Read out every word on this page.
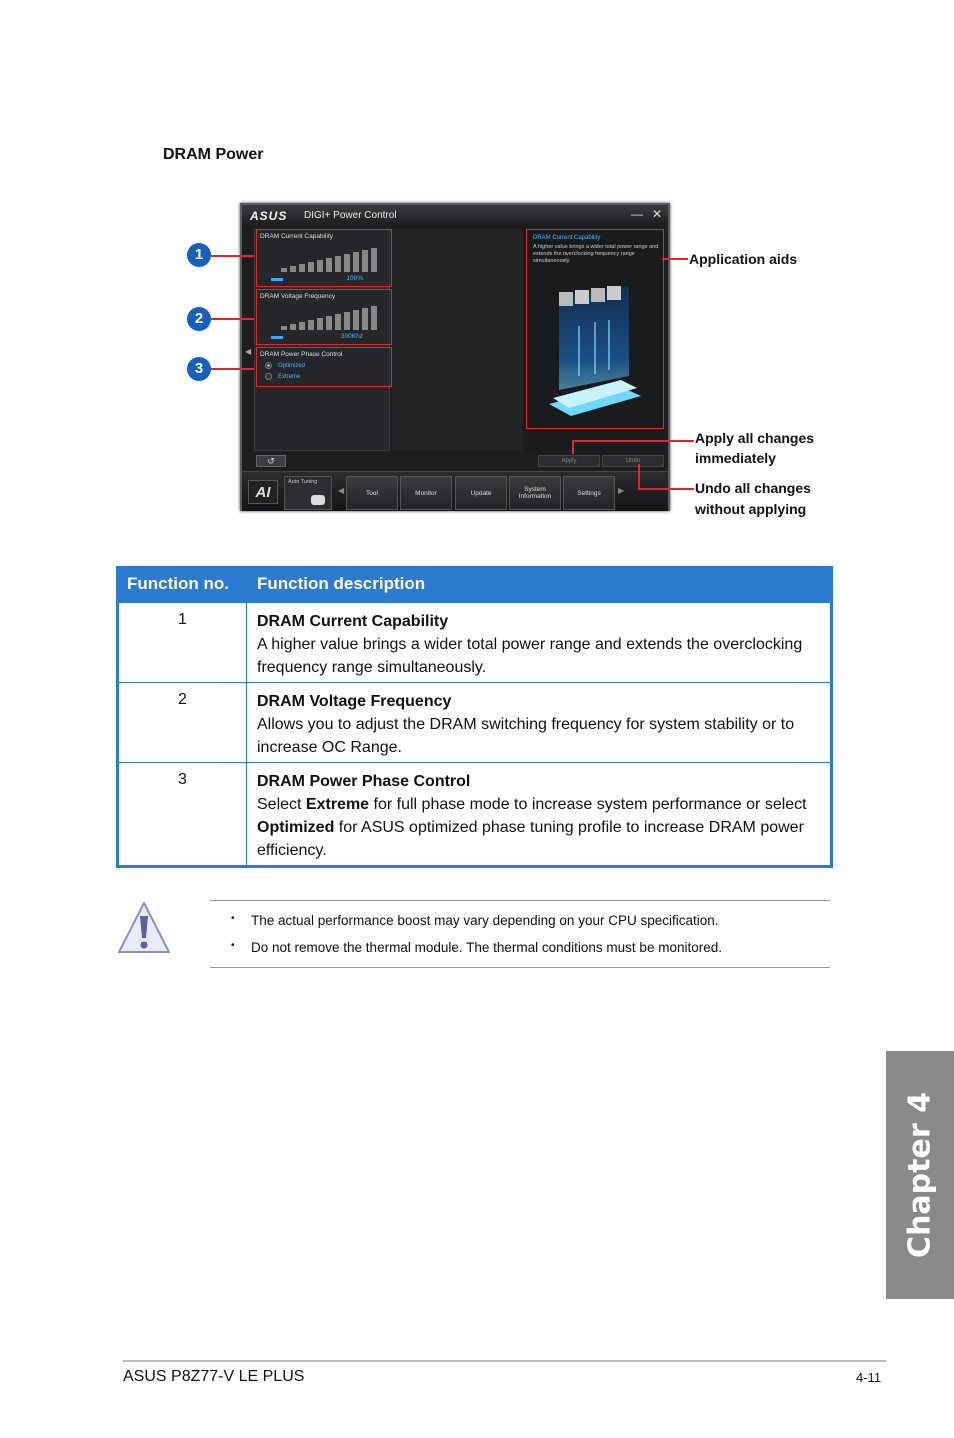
DRAM Power
ASUS DIGI+ Power Control	— ✕
◀
DRAM Current Capability
100%
DRAM Voltage Frequency
300Khz
DRAM Power Phase Control
Optimized
Extreme
DRAM Current Capability
A higher value brings a wider total power range and extends the overclocking frequency range simultaneously.
↺	Apply	Undo
AI
Auto Tuning
◀	Tool	Monitor	Update	System Information	Settings	▶
1
2
3
Application aids
Apply all changes
immediately
Undo all changes
without applying
Function no.	Function description
1	DRAM Current Capability
A higher value brings a wider total power range and extends the overclocking frequency range simultaneously.
2	DRAM Voltage Frequency
Allows you to adjust the DRAM switching frequency for system stability or to increase OC Range.
3	DRAM Power Phase Control
Select Extreme for full phase mode to increase system performance or select Optimized for ASUS optimized phase tuning profile to increase DRAM power efficiency.
• The actual performance boost may vary depending on your CPU specification.
• Do not remove the thermal module. The thermal conditions must be monitored.
Chapter 4
ASUS P8Z77-V LE PLUS	4-11
